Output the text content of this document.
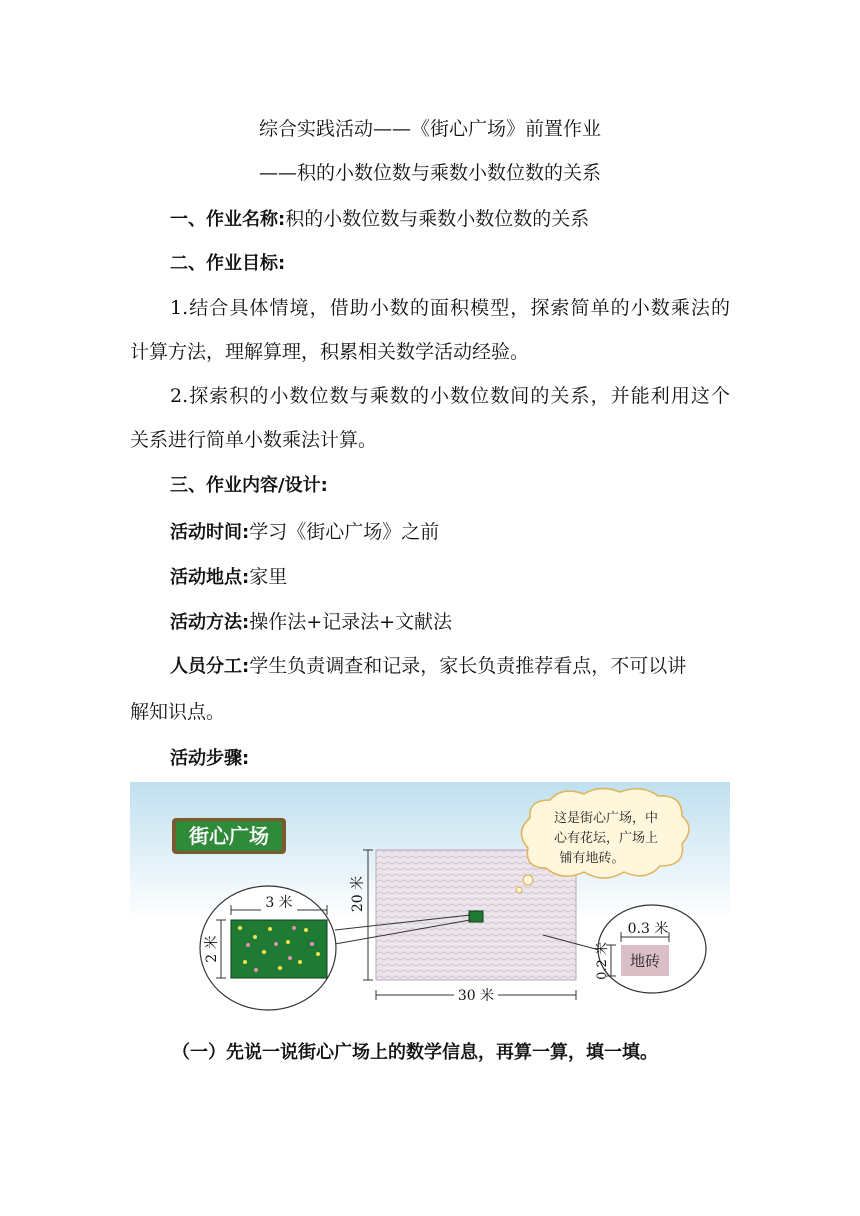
综合实践活动——《街心广场》前置作业
——积的小数位数与乘数小数位数的关系
一、作业名称:积的小数位数与乘数小数位数的关系
二、作业目标:
1.结合具体情境，借助小数的面积模型，探索简单的小数乘法的
计算方法，理解算理，积累相关数学活动经验。
2.探索积的小数位数与乘数的小数位数间的关系，并能利用这个
关系进行简单小数乘法计算。
三、作业内容/设计:
活动时间:学习《街心广场》之前
活动地点:家里
活动方法:操作法+记录法+文献法
人员分工:学生负责调查和记录，家长负责推荐看点，不可以讲
解知识点。
活动步骤:
街心广场
20 米
30 米
3 米
2 米	地砖
0.3 米
0.2 米
这是街心广场，中
心有花坛，广场上
铺有地砖。
（一）先说一说街心广场上的数学信息，再算一算，填一填。
